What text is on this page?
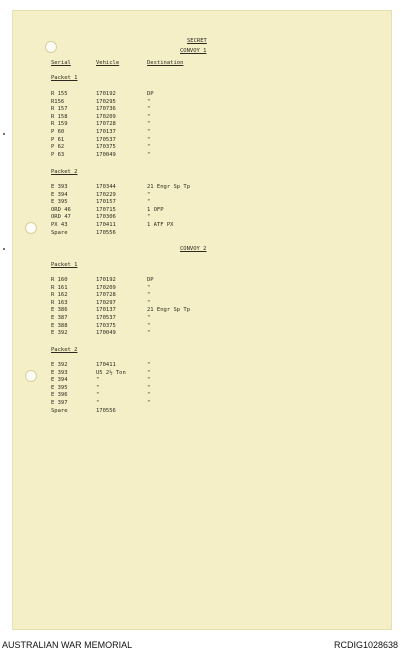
SECRET
CONVOY 1
Serial	Vehicle	Destination
Packet 1
R 155	170192	DP
R156	170295	"
R 157	170736	"
R 158	170209	"
R 159	170728	"
P 60	170137	"
P 61	170537	"
P 62	170375	"
P 63	170049	"
Packet 2
E 393	170344	21 Engr Sp Tp
E 394	170229	"
E 395	170157	"
ORD 46	170715	1 OFP
ORD 47	170306	"
PX 43	170411	1 ATF PX
Spare	170556
CONVOY 2
Packet 1
R 160	170192	DP
R 161	170209	"
R 162	170728	"
R 163	170297	"
E 386	170137	21 Engr Sp Tp
E 387	170537	"
E 388	170375	"
E 392	170049	"
Packet 2
E 392	170411	"
E 393	U5 2½ Ton	"
E 394	"	"
E 395	"	"
E 396	"	"
E 397	"	"
Spare	170556
AUSTRALIAN WAR MEMORIAL	RCDIG1028638
